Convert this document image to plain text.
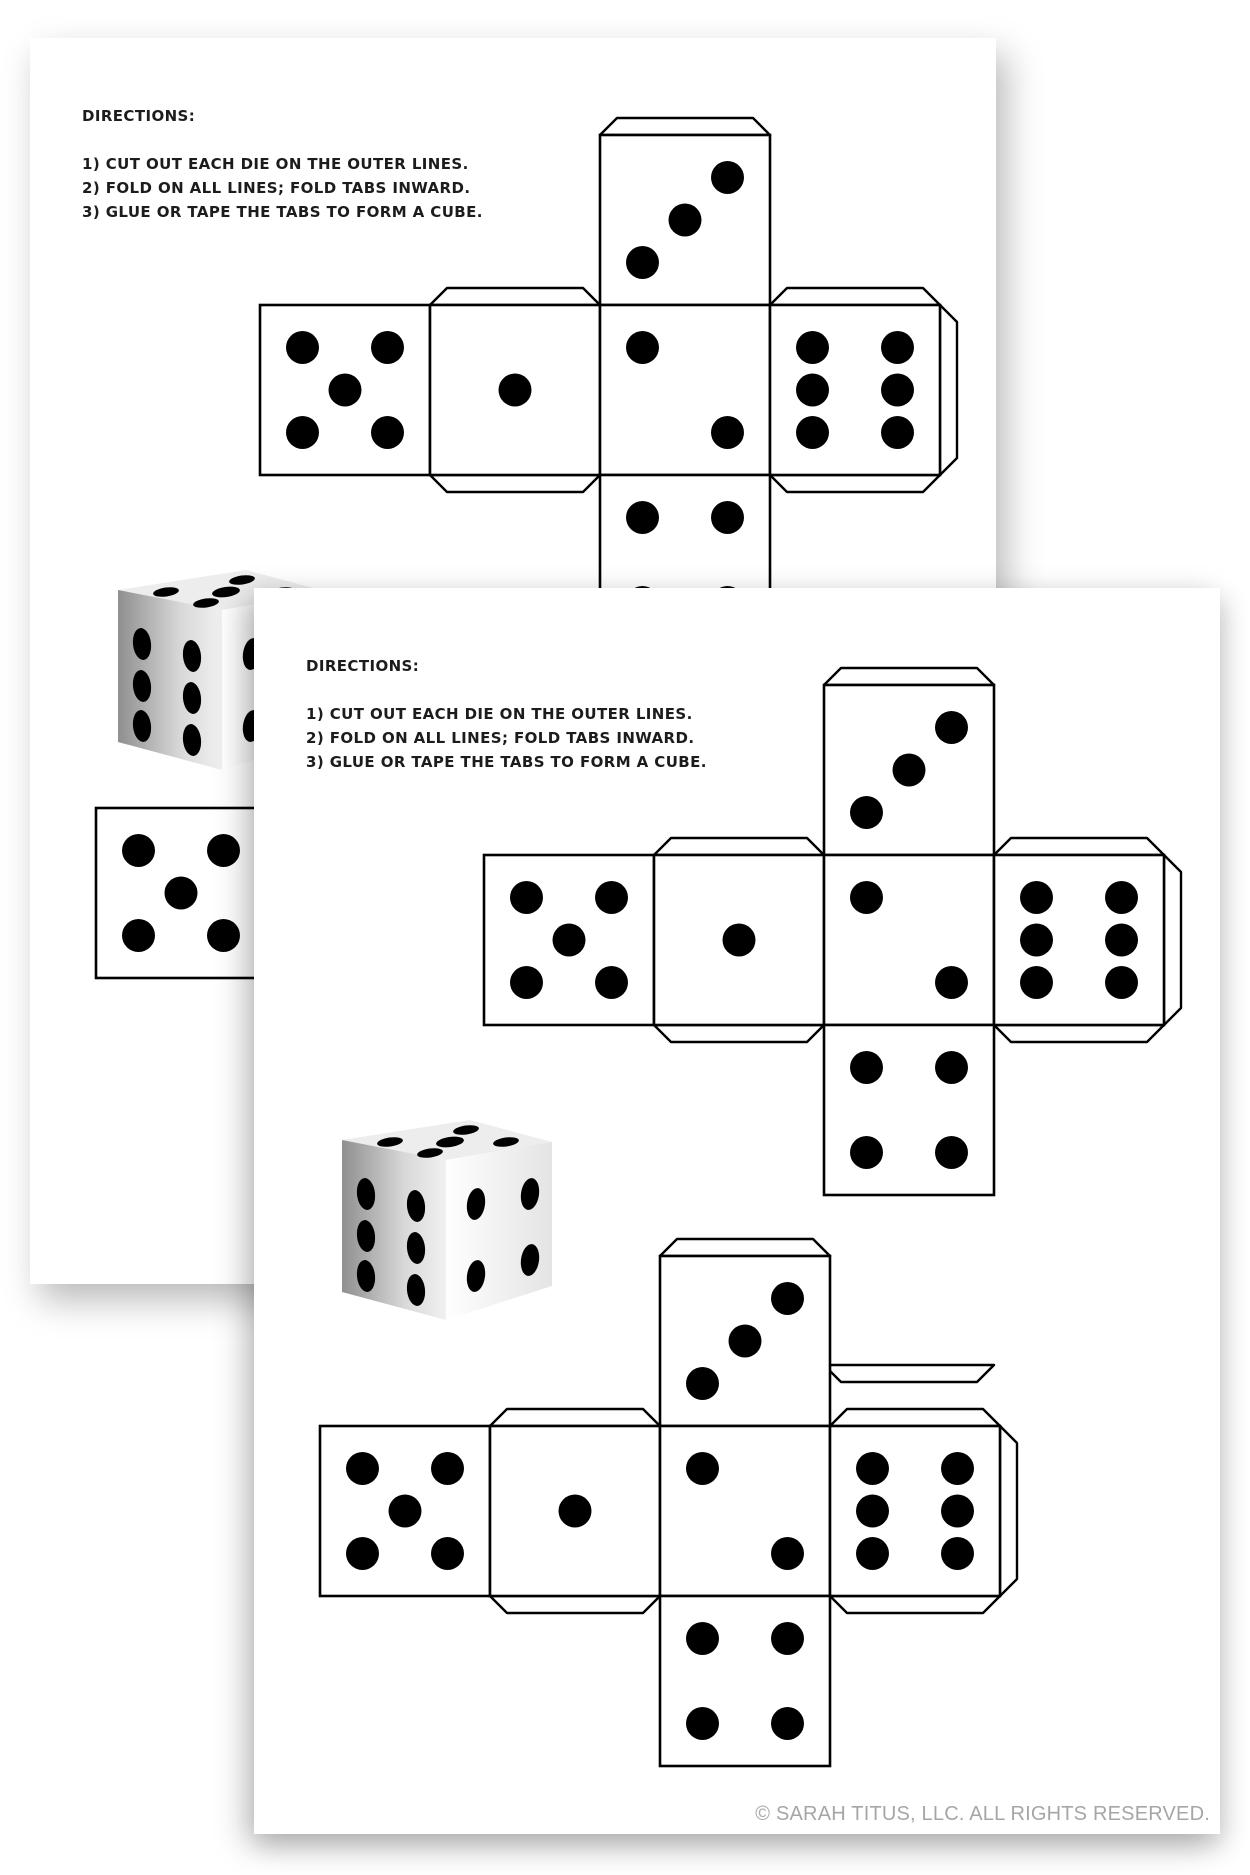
DIRECTIONS:
1) CUT OUT EACH DIE ON THE OUTER LINES.
2) FOLD ON ALL LINES; FOLD TABS INWARD.
3) GLUE OR TAPE THE TABS TO FORM A CUBE.
DIRECTIONS:
1) CUT OUT EACH DIE ON THE OUTER LINES.
2) FOLD ON ALL LINES; FOLD TABS INWARD.
3) GLUE OR TAPE THE TABS TO FORM A CUBE.
© SARAH TITUS, LLC. ALL RIGHTS RESERVED.
